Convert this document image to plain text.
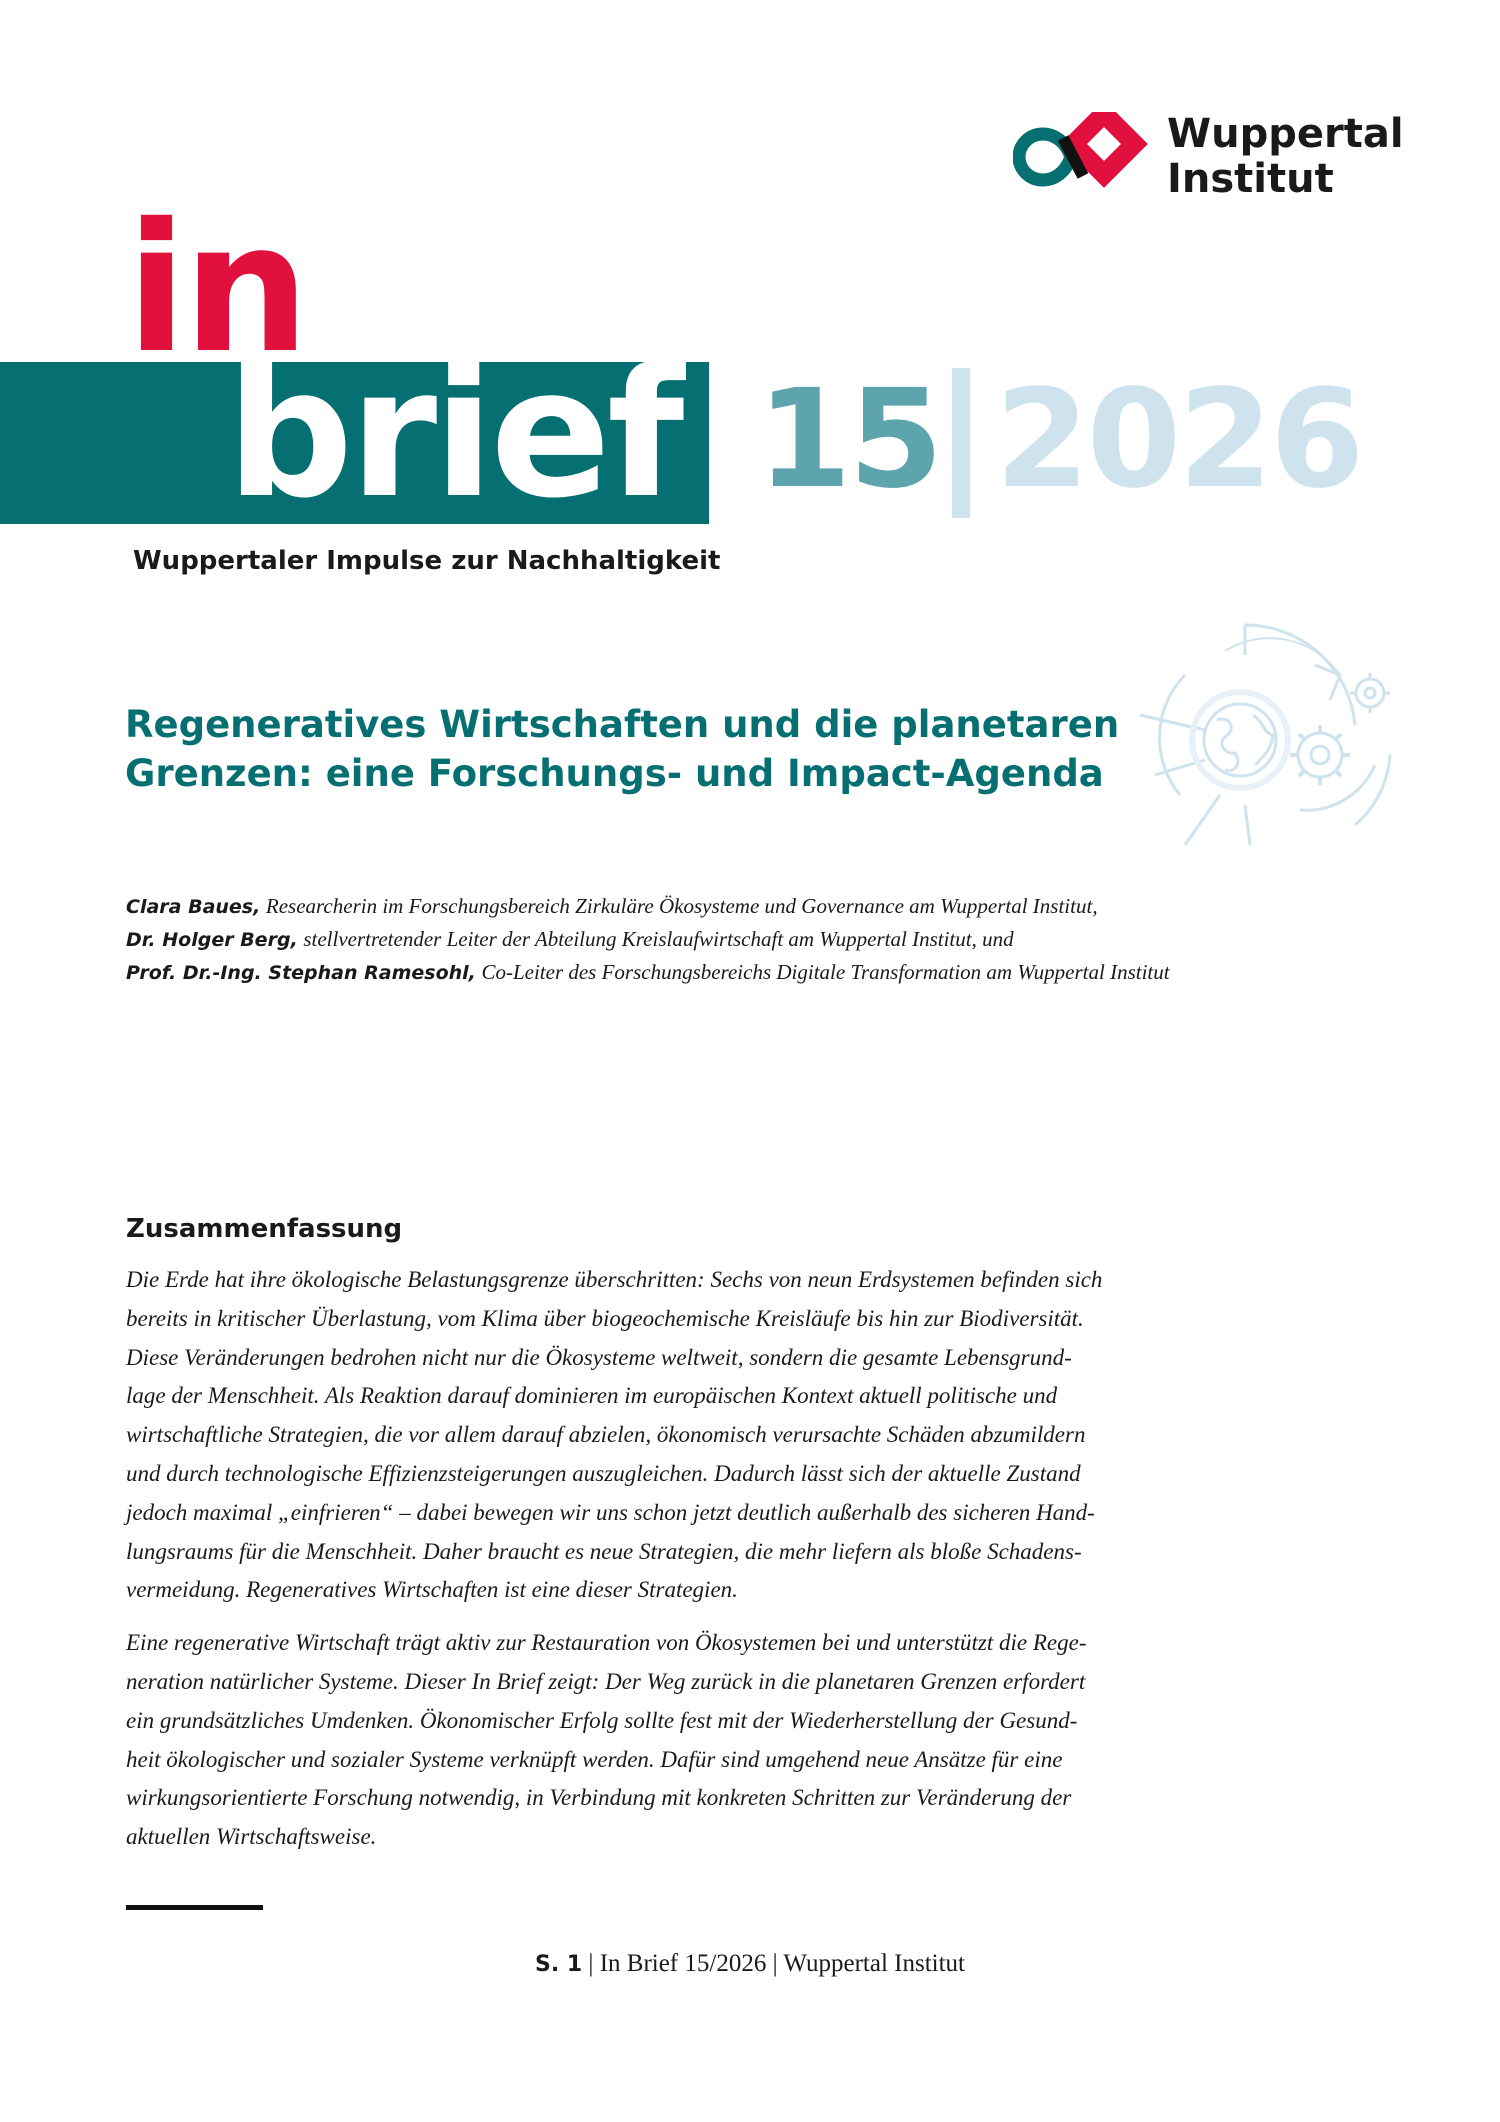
Wuppertal
Institut
in
brief 15 2026
Wuppertaler Impulse zur Nachhaltigkeit
Regeneratives Wirtschaften und die planetaren
Grenzen: eine Forschungs- und Impact-Agenda
Clara Baues, Researcherin im Forschungsbereich Zirkuläre Ökosysteme und Governance am Wuppertal Institut,
Dr. Holger Berg, stellvertretender Leiter der Abteilung Kreislaufwirtschaft am Wuppertal Institut, und
Prof. Dr.-Ing. Stephan Ramesohl, Co-Leiter des Forschungsbereichs Digitale Transformation am Wuppertal Institut
Zusammenfassung
Die Erde hat ihre ökologische Belastungsgrenze überschritten: Sechs von neun Erdsystemen befinden sich
bereits in kritischer Überlastung, vom Klima über biogeochemische Kreisläufe bis hin zur Biodiversität.
Diese Veränderungen bedrohen nicht nur die Ökosysteme weltweit, sondern die gesamte Lebensgrund-
lage der Menschheit. Als Reaktion darauf dominieren im europäischen Kontext aktuell politische und
wirtschaftliche Strategien, die vor allem darauf abzielen, ökonomisch verursachte Schäden abzumildern
und durch technologische Effizienzsteigerungen auszugleichen. Dadurch lässt sich der aktuelle Zustand
jedoch maximal „einfrieren“ – dabei bewegen wir uns schon jetzt deutlich außerhalb des sicheren Hand-
lungsraums für die Menschheit. Daher braucht es neue Strategien, die mehr liefern als bloße Schadens-
vermeidung. Regeneratives Wirtschaften ist eine dieser Strategien.
Eine regenerative Wirtschaft trägt aktiv zur Restauration von Ökosystemen bei und unterstützt die Rege-
neration natürlicher Systeme. Dieser In Brief zeigt: Der Weg zurück in die planetaren Grenzen erfordert
ein grundsätzliches Umdenken. Ökonomischer Erfolg sollte fest mit der Wiederherstellung der Gesund-
heit ökologischer und sozialer Systeme verknüpft werden. Dafür sind umgehend neue Ansätze für eine
wirkungsorientierte Forschung notwendig, in Verbindung mit konkreten Schritten zur Veränderung der
aktuellen Wirtschaftsweise.
S. 1 | In Brief 15/2026 | Wuppertal Institut
